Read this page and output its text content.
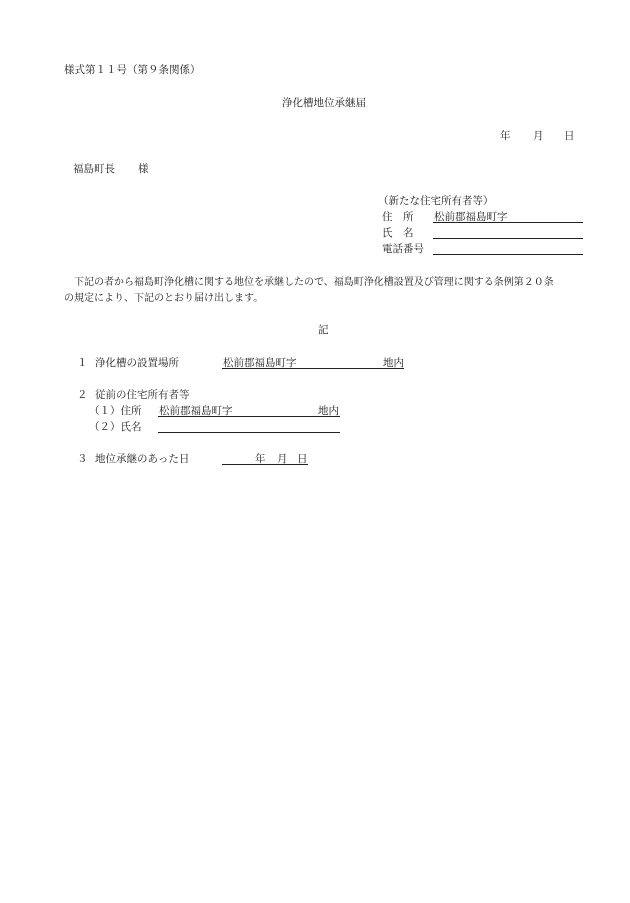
様式第１１号（第９条関係）
浄化槽地位承継届
年 月 日
福島町長 様
（新たな住宅所有者等）
住　所 松前郡福島町字
氏　名
電話番号
下記の者から福島町浄化槽に関する地位を承継したので、福島町浄化槽設置及び管理に関する条例第２０条
の規定により、下記のとおり届け出します。
記
１ 浄化槽の設置場所	松前郡福島町字	地内
２ 従前の住宅所有者等
（１）住所 松前郡福島町字	地内
（２）氏名
３ 地位承継のあった日	年 月 日
